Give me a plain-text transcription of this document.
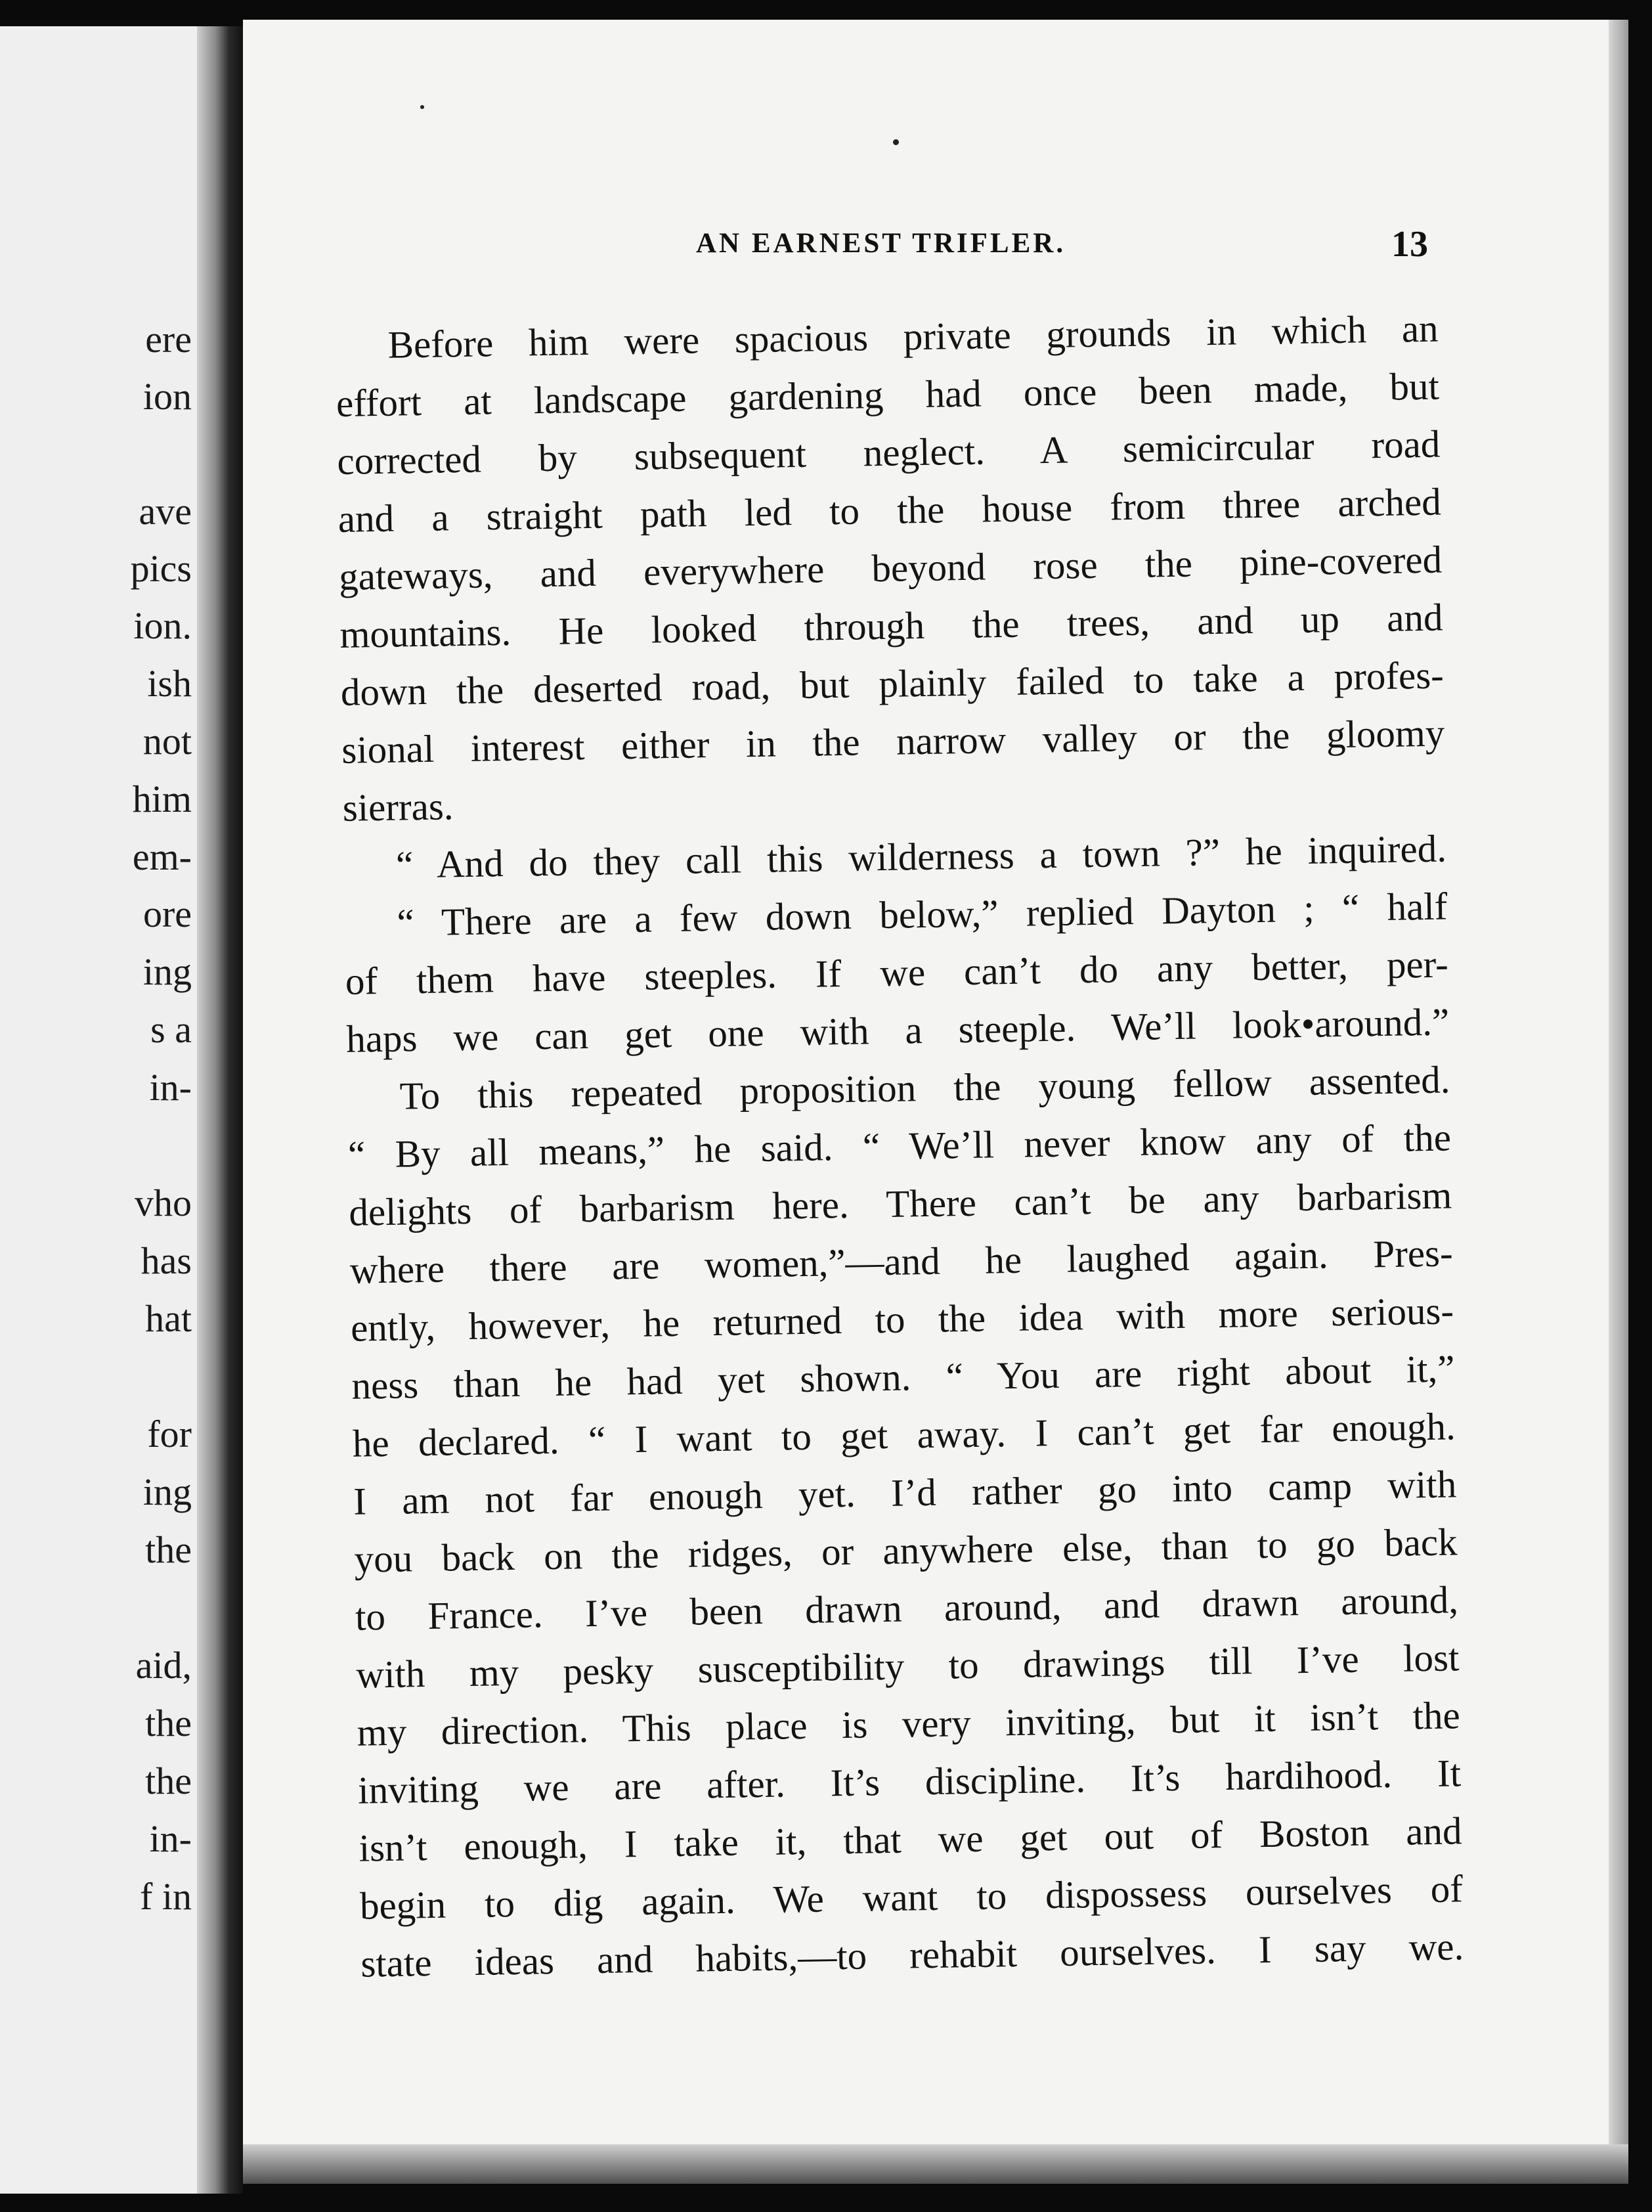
ere
ion
ave
pics
ion.
ish
not
him
em-
ore
ing
s a
in-
vho
has
hat
for
ing
the
aid,
the
the
in-
f in
AN EARNEST TRIFLER.	13
Before him were spacious private grounds in which an
effort at landscape gardening had once been made, but
corrected by subsequent neglect. A semicircular road
and a straight path led to the house from three arched
gateways, and everywhere beyond rose the pine-covered
mountains. He looked through the trees, and up and
down the deserted road, but plainly failed to take a profes-
sional interest either in the narrow valley or the gloomy
sierras.
“ And do they call this wilderness a town ?” he inquired.
“ There are a few down below,” replied Dayton ; “ half
of them have steeples. If we can’t do any better, per-
haps we can get one with a steeple. We’ll look•around.”
To this repeated proposition the young fellow assented.
“ By all means,” he said. “ We’ll never know any of the
delights of barbarism here. There can’t be any barbarism
where there are women,”—and he laughed again. Pres-
ently, however, he returned to the idea with more serious-
ness than he had yet shown. “ You are right about it,”
he declared. “ I want to get away. I can’t get far enough.
I am not far enough yet. I’d rather go into camp with
you back on the ridges, or anywhere else, than to go back
to France. I’ve been drawn around, and drawn around,
with my pesky susceptibility to drawings till I’ve lost
my direction. This place is very inviting, but it isn’t the
inviting we are after. It’s discipline. It’s hardihood. It
isn’t enough, I take it, that we get out of Boston and
begin to dig again. We want to dispossess ourselves of
state ideas and habits,—to rehabit ourselves. I say we.
